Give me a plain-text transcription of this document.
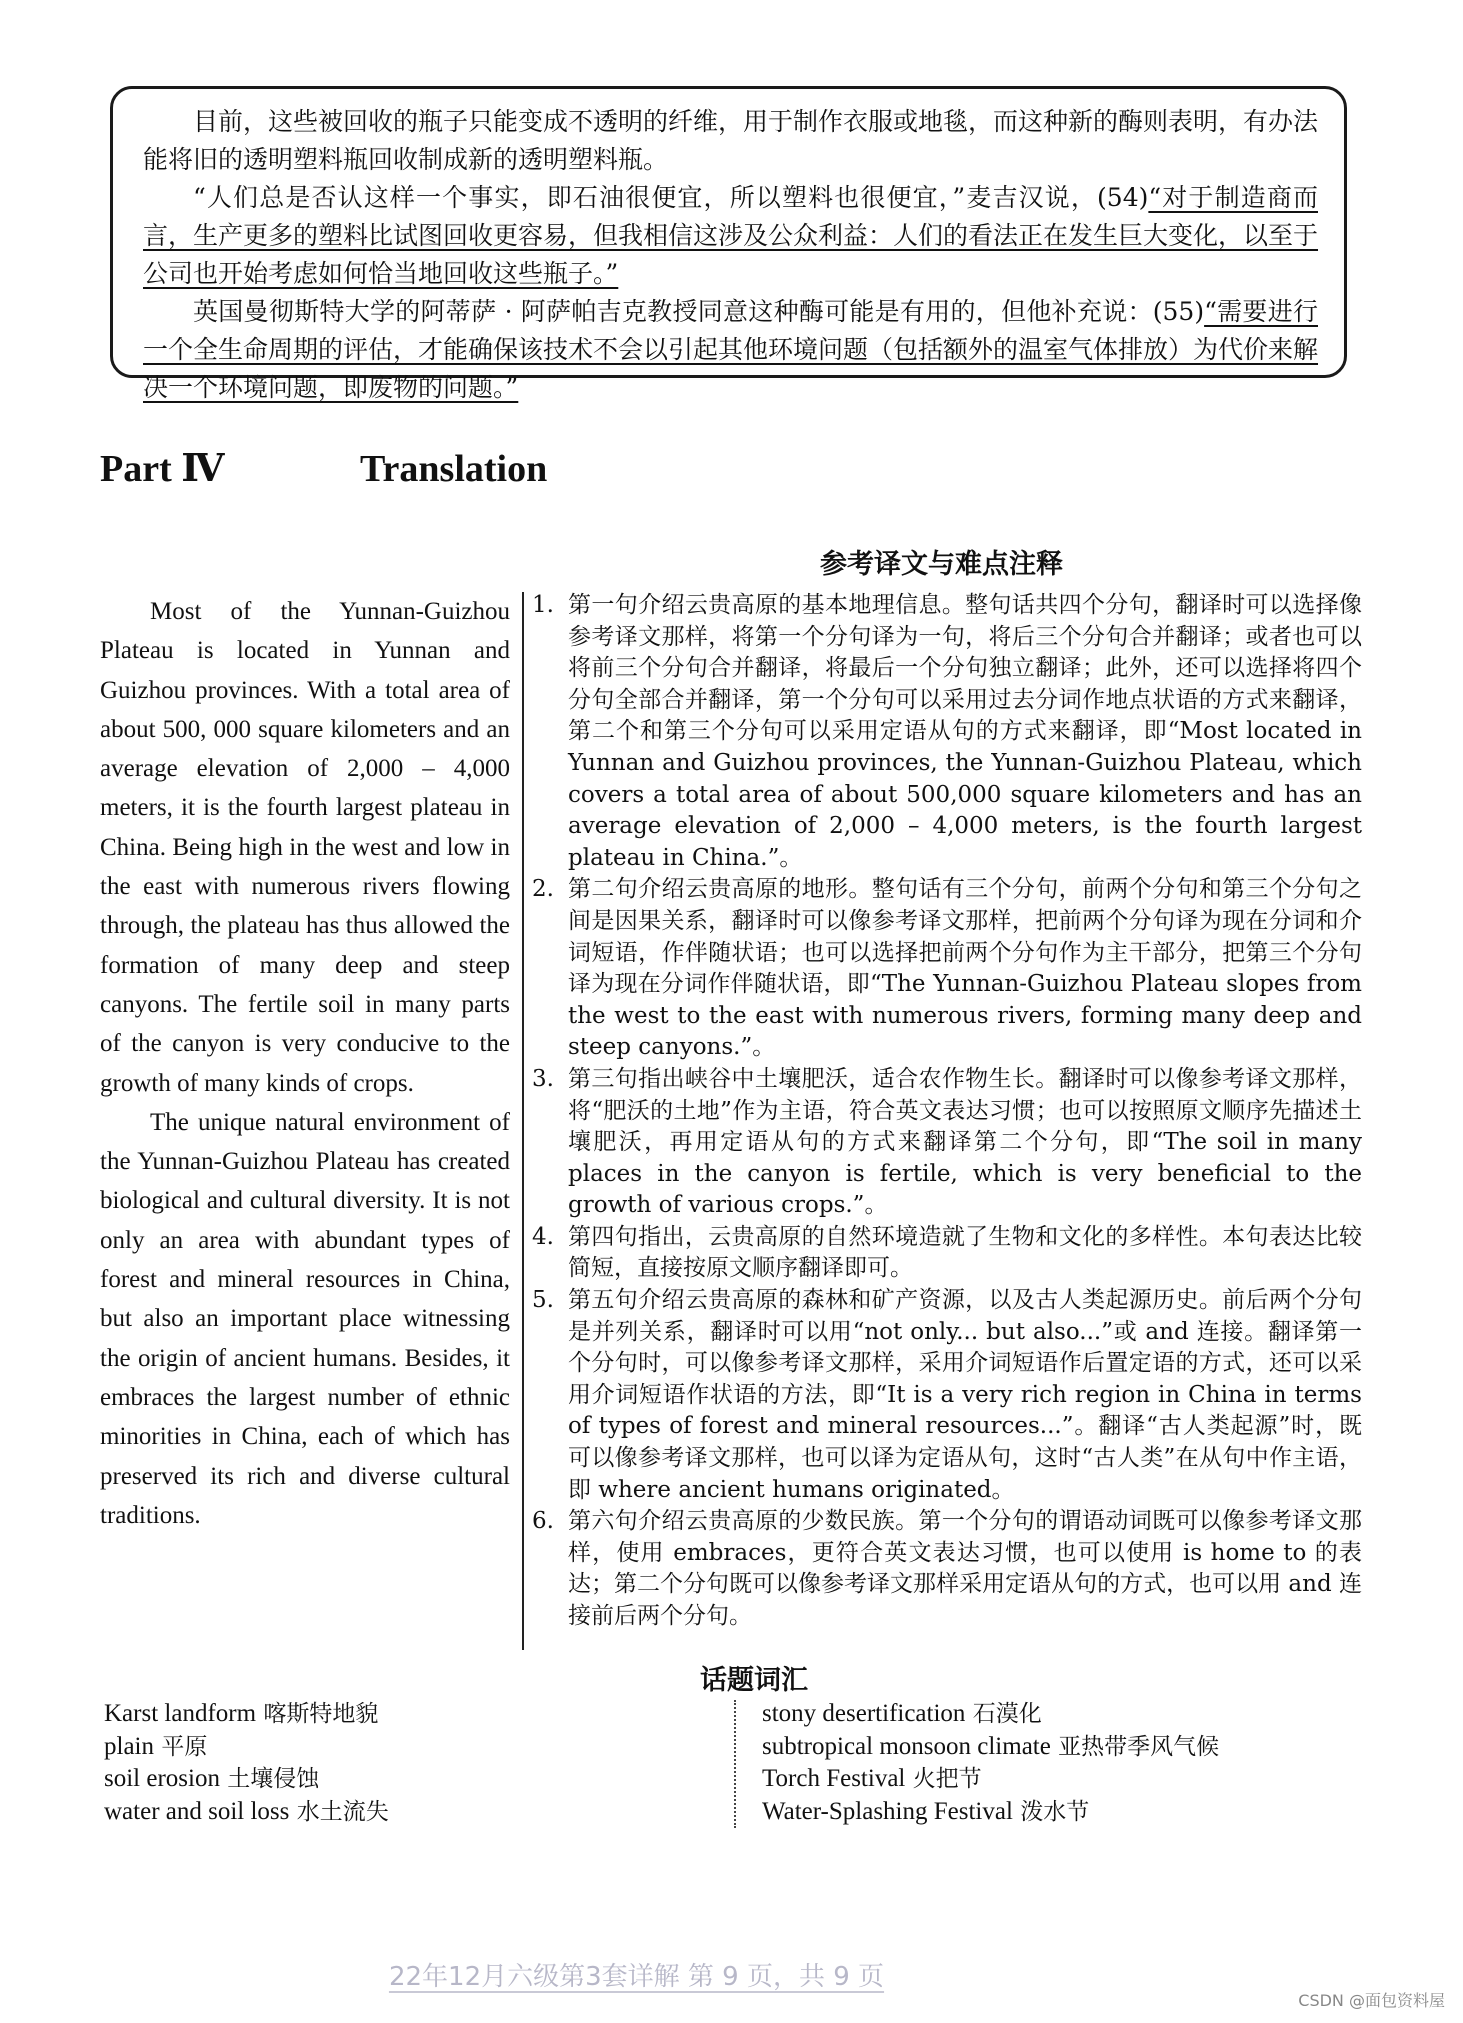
目前，这些被回收的瓶子只能变成不透明的纤维，用于制作衣服或地毯，而这种新的酶则表明，有办法能将旧的透明塑料瓶回收制成新的透明塑料瓶。

“人们总是否认这样一个事实，即石油很便宜，所以塑料也很便宜，”麦吉汉说，(54)“对于制造商而言，生产更多的塑料比试图回收更容易，但我相信这涉及公众利益：人们的看法正在发生巨大变化，以至于公司也开始考虑如何恰当地回收这些瓶子。”

英国曼彻斯特大学的阿蒂萨 · 阿萨帕吉克教授同意这种酶可能是有用的，但他补充说：(55)“需要进行一个全生命周期的评估，才能确保该技术不会以引起其他环境问题（包括额外的温室气体排放）为代价来解决一个环境问题，即废物的问题。”

Part Ⅳ	Translation
参考译文与难点注释

Most of the Yunnan-Guizhou Plateau is located in Yunnan and Guizhou provinces. With a total area of about 500, 000 square kilometers and an average elevation of 2,000 – 4,000 meters, it is the fourth largest plateau in China. Being high in the west and low in the east with numerous rivers flowing through, the plateau has thus allowed the formation of many deep and steep canyons. The fertile soil in many parts of the canyon is very conducive to the growth of many kinds of crops.

The unique natural environment of the Yunnan-Guizhou Plateau has created biological and cultural diversity. It is not only an area with abundant types of forest and mineral resources in China, but also an important place witnessing the origin of ancient humans. Besides, it embraces the largest number of ethnic minorities in China, each of which has preserved its rich and diverse cultural traditions.

1. 第一句介绍云贵高原的基本地理信息。整句话共四个分句，翻译时可以选择像参考译文那样，将第一个分句译为一句，将后三个分句合并翻译；或者也可以将前三个分句合并翻译，将最后一个分句独立翻译；此外，还可以选择将四个分句全部合并翻译，第一个分句可以采用过去分词作地点状语的方式来翻译，第二个和第三个分句可以采用定语从句的方式来翻译，即“Most located in Yunnan and Guizhou provinces, the Yunnan-Guizhou Plateau, which covers a total area of about 500,000 square kilometers and has an average elevation of 2,000 – 4,000 meters, is the fourth largest plateau in China.”。
2. 第二句介绍云贵高原的地形。整句话有三个分句，前两个分句和第三个分句之间是因果关系，翻译时可以像参考译文那样，把前两个分句译为现在分词和介词短语，作伴随状语；也可以选择把前两个分句作为主干部分，把第三个分句译为现在分词作伴随状语，即“The Yunnan-Guizhou Plateau slopes from the west to the east with numerous rivers, forming many deep and steep canyons.”。
3. 第三句指出峡谷中土壤肥沃，适合农作物生长。翻译时可以像参考译文那样，将“肥沃的土地”作为主语，符合英文表达习惯；也可以按照原文顺序先描述土壤肥沃，再用定语从句的方式来翻译第二个分句，即“The soil in many places in the canyon is fertile, which is very beneficial to the growth of various crops.”。
4. 第四句指出，云贵高原的自然环境造就了生物和文化的多样性。本句表达比较简短，直接按原文顺序翻译即可。
5. 第五句介绍云贵高原的森林和矿产资源，以及古人类起源历史。前后两个分句是并列关系，翻译时可以用“not only... but also...”或 and 连接。翻译第一个分句时，可以像参考译文那样，采用介词短语作后置定语的方式，还可以采用介词短语作状语的方法，即“It is a very rich region in China in terms of types of forest and mineral resources...”。翻译“古人类起源”时，既可以像参考译文那样，也可以译为定语从句，这时“古人类”在从句中作主语，即 where ancient humans originated。
6. 第六句介绍云贵高原的少数民族。第一个分句的谓语动词既可以像参考译文那样，使用 embraces，更符合英文表达习惯，也可以使用 is home to 的表达；第二个分句既可以像参考译文那样采用定语从句的方式，也可以用 and 连接前后两个分句。
话题词汇
Karst landform 喀斯特地貌
plain 平原
soil erosion 土壤侵蚀
water and soil loss 水土流失
stony desertification 石漠化
subtropical monsoon climate 亚热带季风气候
Torch Festival 火把节
Water-Splashing Festival 泼水节
22年12月六级第3套详解 第 9 页，共 9 页
CSDN @面包资料屋
